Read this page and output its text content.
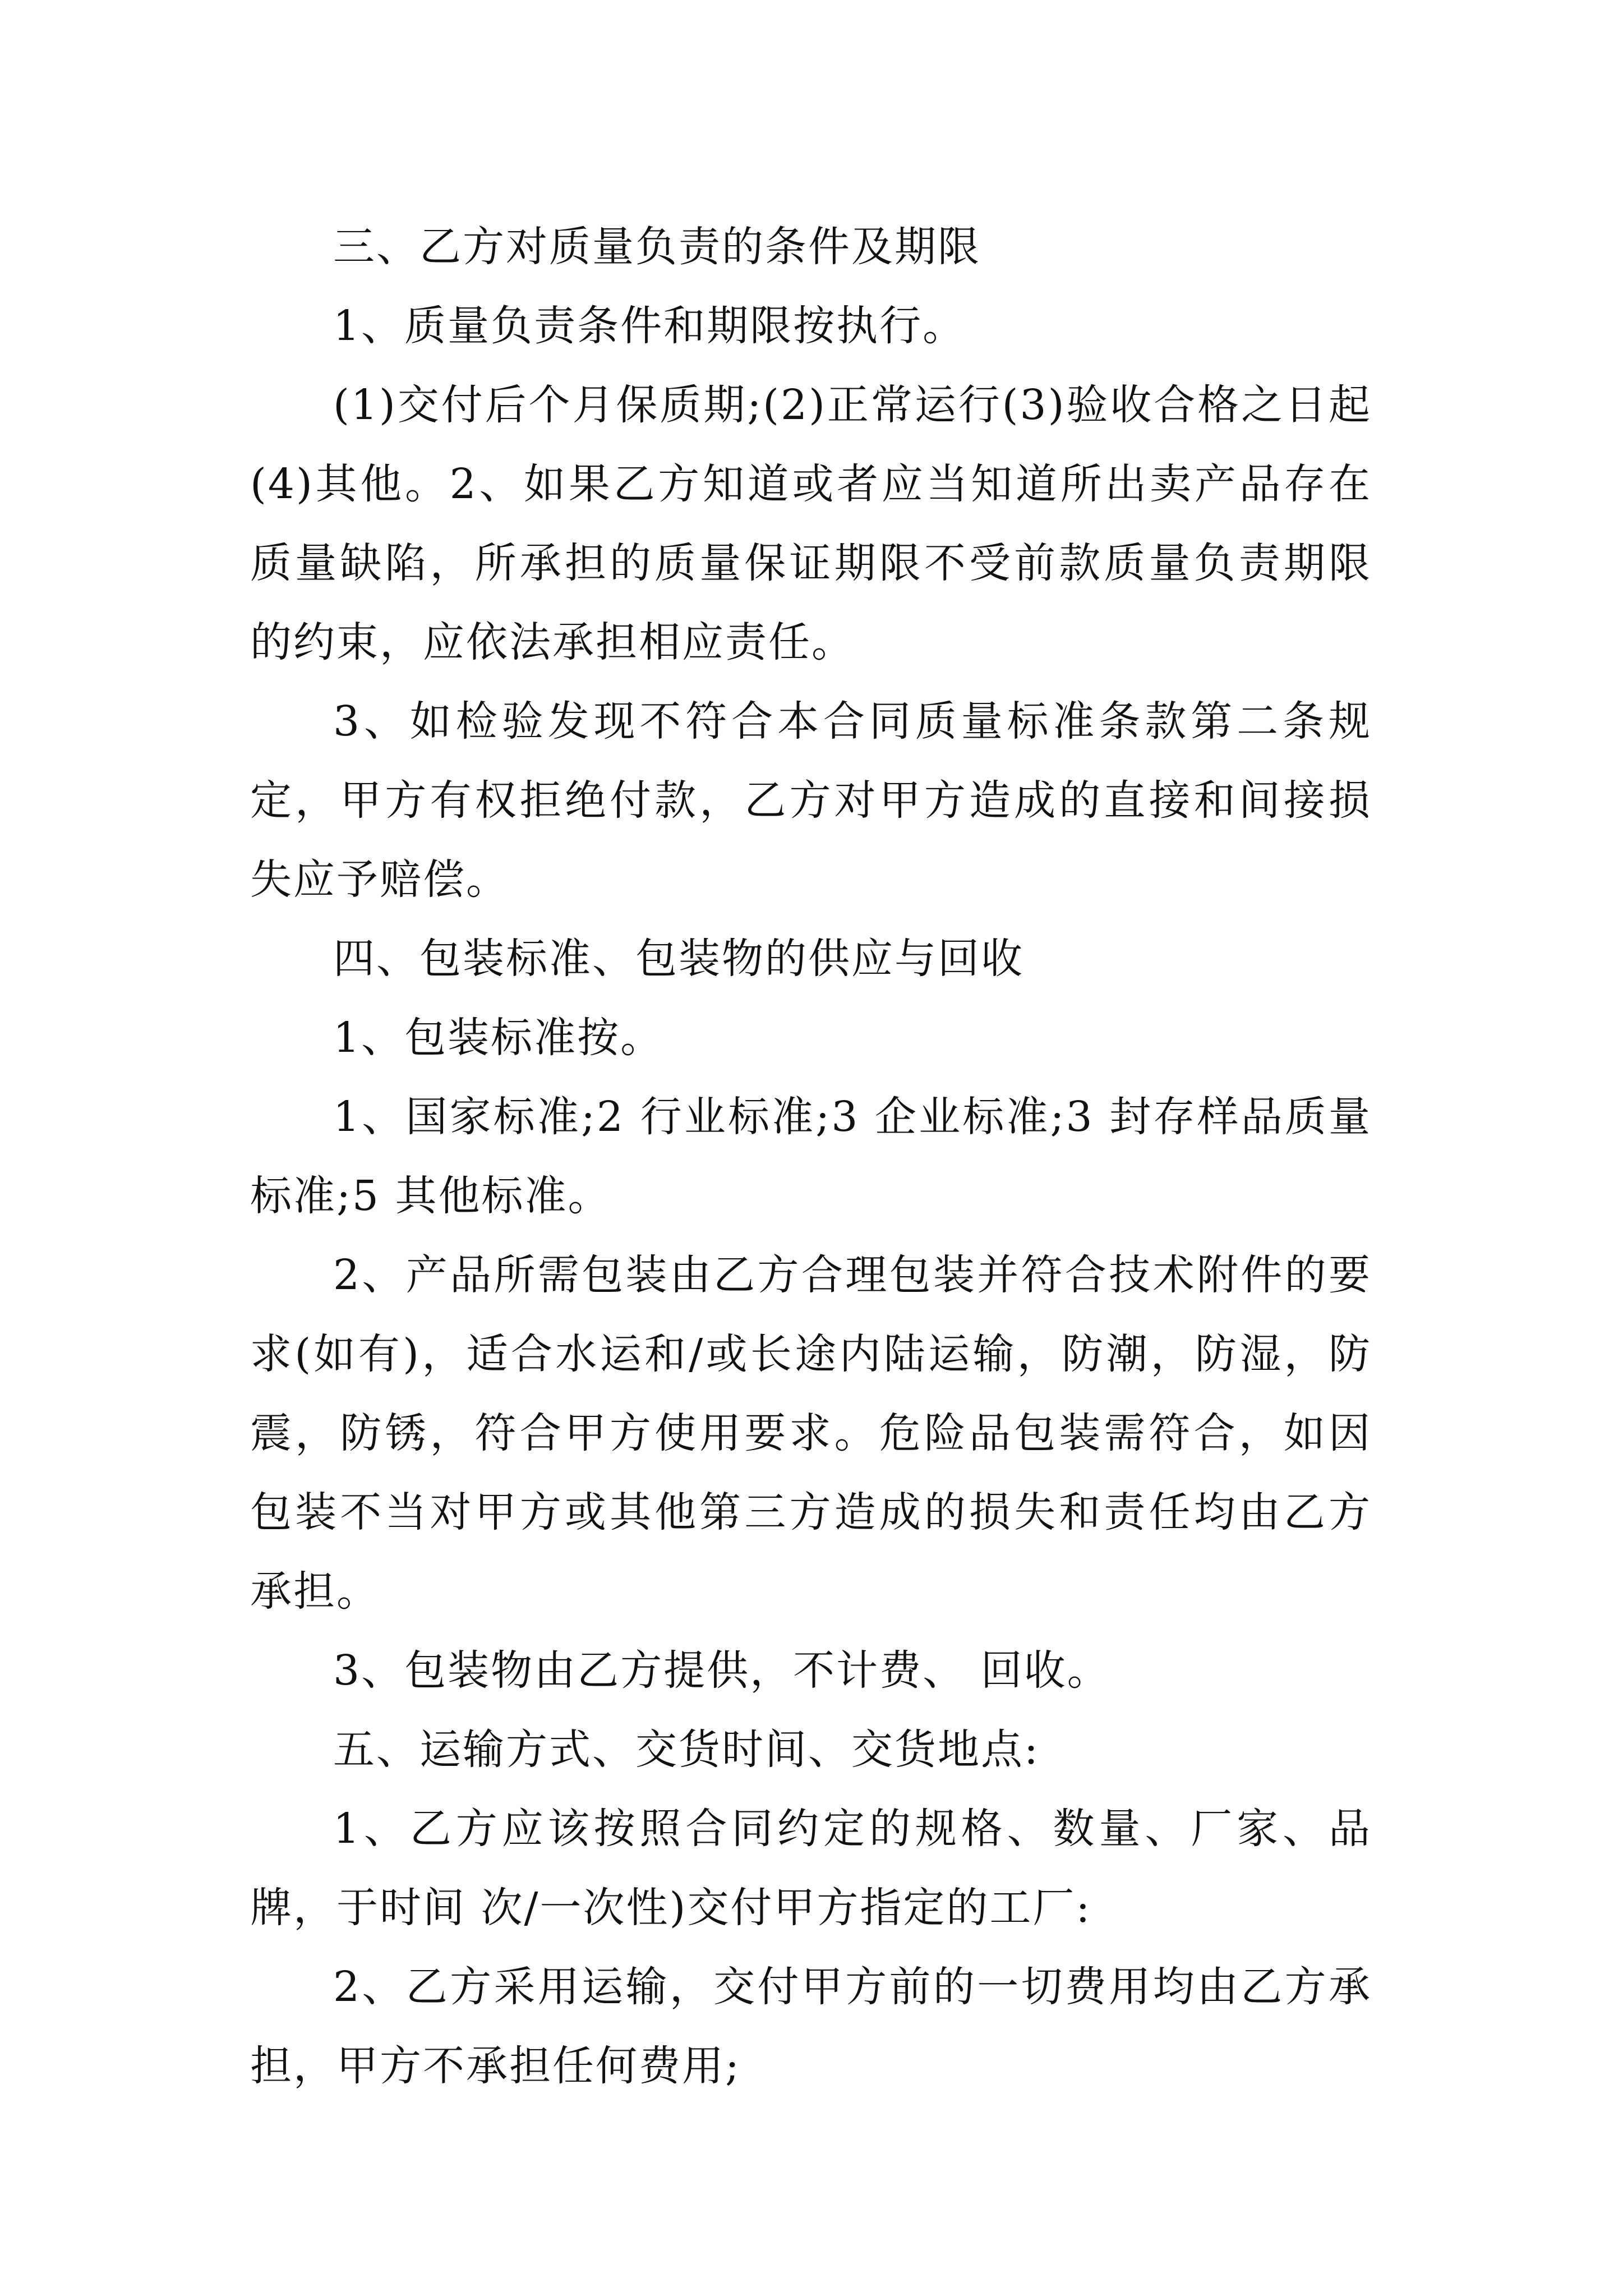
三、乙方对质量负责的条件及期限

1、质量负责条件和期限按执行。

(1)交付后个月保质期;(2)正常运行(3)验收合格之日起(4)其他。2、如果乙方知道或者应当知道所出卖产品存在质量缺陷，所承担的质量保证期限不受前款质量负责期限的约束，应依法承担相应责任。

3、如检验发现不符合本合同质量标准条款第二条规定，甲方有权拒绝付款，乙方对甲方造成的直接和间接损失应予赔偿。

四、包装标准、包装物的供应与回收

1、包装标准按。

1、国家标准;2 行业标准;3 企业标准;3 封存样品质量标准;5 其他标准。

2、产品所需包装由乙方合理包装并符合技术附件的要求(如有)，适合水运和/或长途内陆运输，防潮，防湿，防震，防锈，符合甲方使用要求。危险品包装需符合，如因包装不当对甲方或其他第三方造成的损失和责任均由乙方承担。

3、包装物由乙方提供，不计费、 回收。

五、运输方式、交货时间、交货地点:

1、乙方应该按照合同约定的规格、数量、厂家、品牌，于时间 次/一次性)交付甲方指定的工厂:

2、乙方采用运输，交付甲方前的一切费用均由乙方承担，甲方不承担任何费用;
